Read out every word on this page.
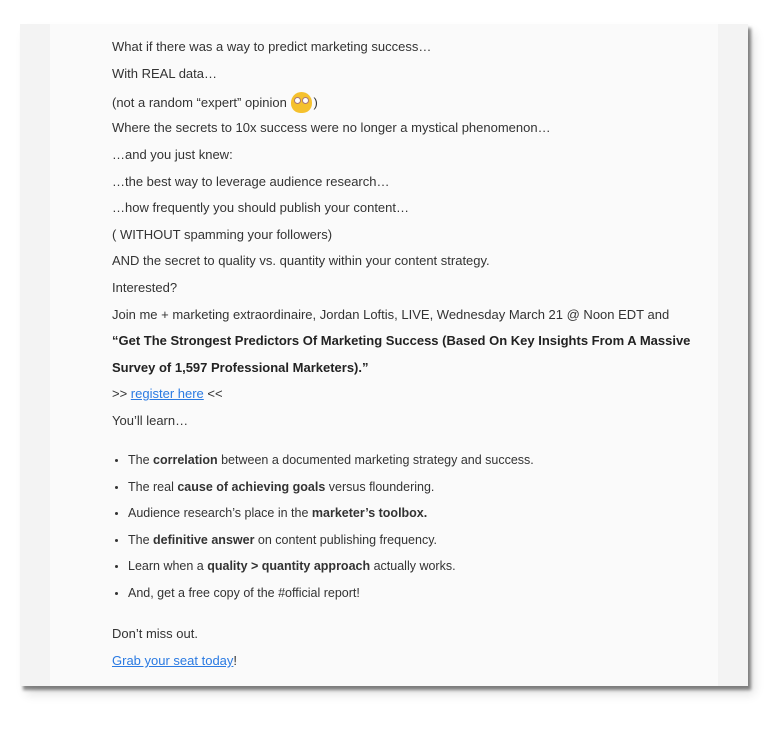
What if there was a way to predict marketing success…
With REAL data…
(not a random “expert” opinion )
Where the secrets to 10x success were no longer a mystical phenomenon…
…and you just knew:
…the best way to leverage audience research…
…how frequently you should publish your content…
( WITHOUT spamming your followers)
AND the secret to quality vs. quantity within your content strategy.
Interested?
Join me + marketing extraordinaire, Jordan Loftis, LIVE, Wednesday March 21 @ Noon EDT and
“Get The Strongest Predictors Of Marketing Success (Based On Key Insights From A Massive
Survey of 1,597 Professional Marketers).”
>> register here <<
You’ll learn…
• The correlation between a documented marketing strategy and success.
• The real cause of achieving goals versus floundering.
• Audience research’s place in the marketer’s toolbox.
• The definitive answer on content publishing frequency.
• Learn when a quality > quantity approach actually works.
• And, get a free copy of the #official report!
Don’t miss out.
Grab your seat today!
